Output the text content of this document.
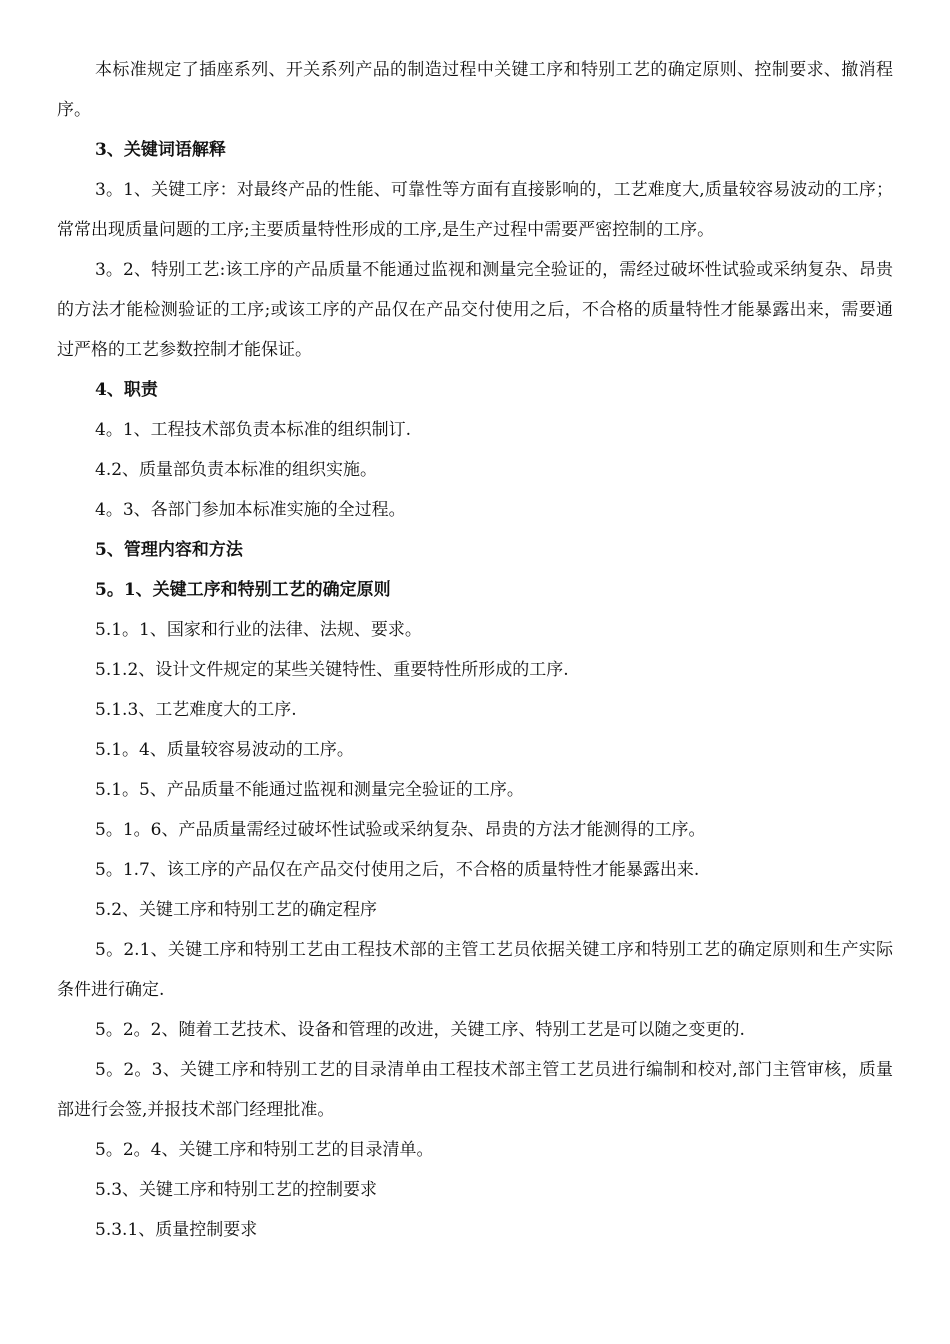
本标准规定了插座系列、开关系列产品的制造过程中关键工序和特别工艺的确定原则、控制要求、撤消程序。

3、关键词语解释

3。1、关键工序：对最终产品的性能、可靠性等方面有直接影响的，工艺难度大,质量较容易波动的工序；常常出现质量问题的工序;主要质量特性形成的工序,是生产过程中需要严密控制的工序。

3。2、特别工艺:该工序的产品质量不能通过监视和测量完全验证的，需经过破坏性试验或采纳复杂、昂贵的方法才能检测验证的工序;或该工序的产品仅在产品交付使用之后，不合格的质量特性才能暴露出来，需要通过严格的工艺参数控制才能保证。

4、职责

4。1、工程技术部负责本标准的组织制订.

4.2、质量部负责本标准的组织实施。

4。3、各部门参加本标准实施的全过程。

5、管理内容和方法

5。1、关键工序和特别工艺的确定原则

5.1。1、国家和行业的法律、法规、要求。

5.1.2、设计文件规定的某些关键特性、重要特性所形成的工序.

5.1.3、工艺难度大的工序.

5.1。4、质量较容易波动的工序。

5.1。5、产品质量不能通过监视和测量完全验证的工序。

5。1。6、产品质量需经过破坏性试验或采纳复杂、昂贵的方法才能测得的工序。

5。1.7、该工序的产品仅在产品交付使用之后，不合格的质量特性才能暴露出来.

5.2、关键工序和特别工艺的确定程序

5。2.1、关键工序和特别工艺由工程技术部的主管工艺员依据关键工序和特别工艺的确定原则和生产实际条件进行确定.

5。2。2、随着工艺技术、设备和管理的改进，关键工序、特别工艺是可以随之变更的.

5。2。3、关键工序和特别工艺的目录清单由工程技术部主管工艺员进行编制和校对,部门主管审核，质量部进行会签,并报技术部门经理批准。

5。2。4、关键工序和特别工艺的目录清单。

5.3、关键工序和特别工艺的控制要求

5.3.1、质量控制要求
